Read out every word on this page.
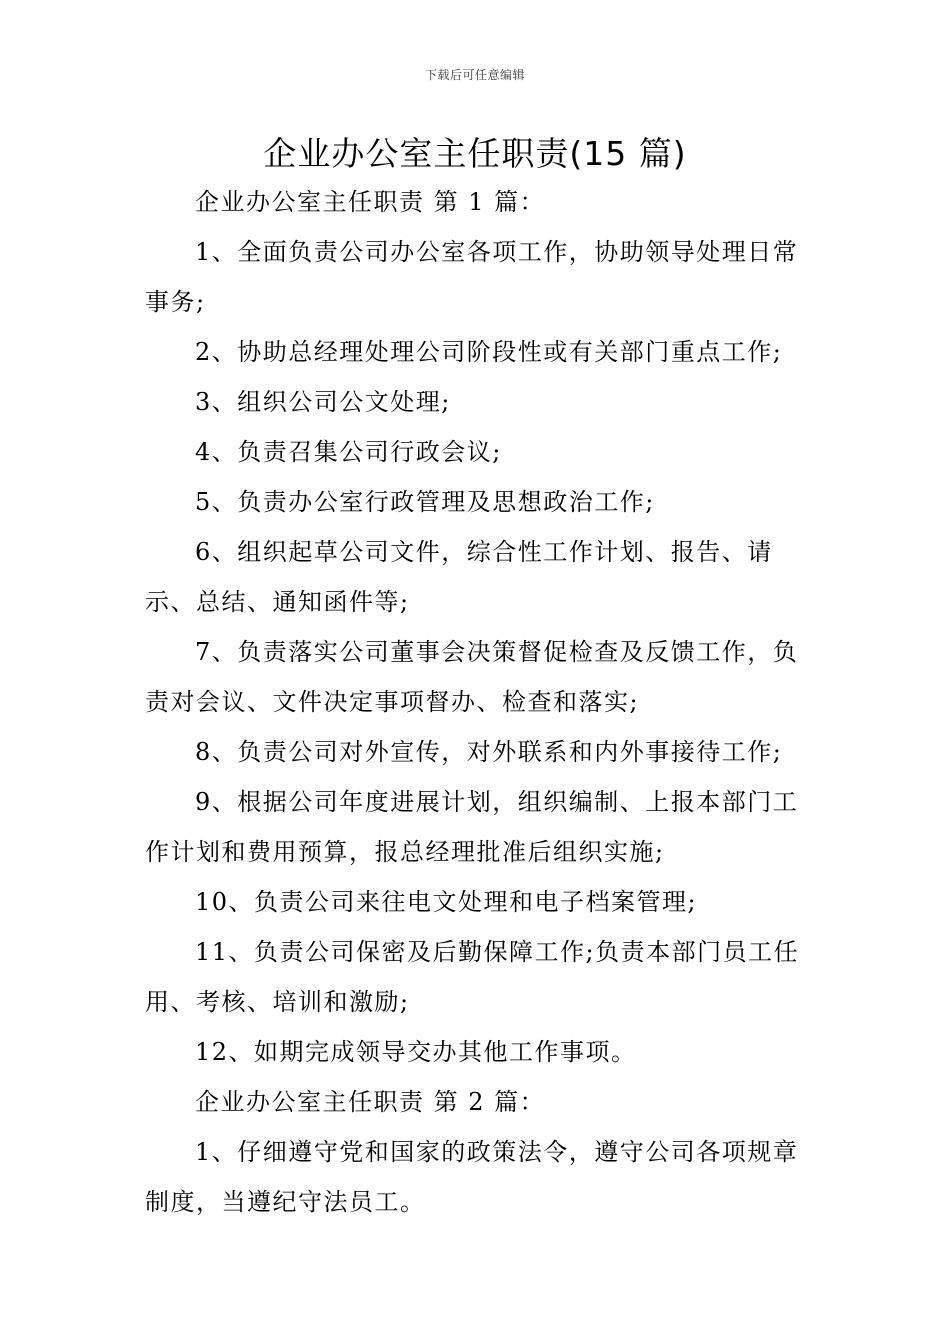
下载后可任意编辑
企业办公室主任职责(15 篇)

企业办公室主任职责 第 1 篇：

1、全面负责公司办公室各项工作，协助领导处理日常事务;

2、协助总经理处理公司阶段性或有关部门重点工作;

3、组织公司公文处理;

4、负责召集公司行政会议;

5、负责办公室行政管理及思想政治工作;

6、组织起草公司文件，综合性工作计划、报告、请示、总结、通知函件等;

7、负责落实公司董事会决策督促检查及反馈工作，负责对会议、文件决定事项督办、检查和落实;

8、负责公司对外宣传，对外联系和内外事接待工作;

9、根据公司年度进展计划，组织编制、上报本部门工作计划和费用预算，报总经理批准后组织实施;

10、负责公司来往电文处理和电子档案管理;

11、负责公司保密及后勤保障工作;负责本部门员工任用、考核、培训和激励;

12、如期完成领导交办其他工作事项。

企业办公室主任职责 第 2 篇：

1、仔细遵守党和国家的政策法令，遵守公司各项规章制度，当遵纪守法员工。
